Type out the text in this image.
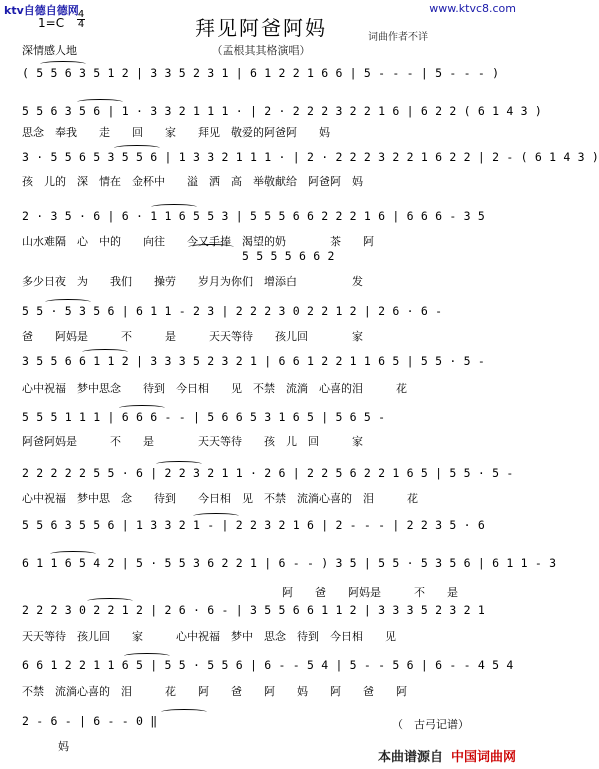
ktv自德自德网	www.ktvc8.com
1=C
4
4	拜见阿爸阿妈	词曲作者不详
深情感人地	（孟根其其格演唱）
( 5 5 6 3 5 1 2 | 3 3 5 2 3 1 | 6 1 2 2 1 6 6 | 5 - - - | 5 - - - )
5 5 6 3 5 6 | 1 · 3 3 2 1 1 1 · | 2 · 2 2 2 3 2 2 1 6 | 6 2 2 ( 6 1 4 3 )
思念　奉我　　走　　回　　家　　拜见　敬爱的阿爸阿　　妈
3 · 5 5 6 5 3 5 5 6 | 1 3 3 2 1 1 1 · | 2 · 2 2 2 3 2 2 1 6 2 2 | 2 - ( 6 1 4 3 )
孩　儿的　深　情在　金杯中　　溢　洒　高　举敬献给　阿爸阿　妈
2 · 3 5 · 6 | 6 · 1 1 6 5 5 3 | 5 5 5 6 6 2 2 2 1 6 | 6 6 6 - 3 5
山水难隔　心　中的　　向往　　今又手捧　渴望的奶　　　　茶　　阿
5 5 5 5 6 6 2
多少日夜　为　　我们　　操劳　　岁月为你们　增添白　　　　　发
5 5 · 5 3 5 6 | 6 1 1 - 2 3 | 2 2 2 3 0 2 2 1 2 | 2 6 · 6 -
爸　　阿妈是　　　不　　　是　　　天天等待　　孩儿回　　　　家
3 5 5 6 6 1 1 2 | 3 3 3 5 2 3 2 1 | 6 6 1 2 2 1 1 6 5 | 5 5 · 5 -
心中祝福　梦中思念　　待到　今日相　　见　不禁　流淌　心喜的泪　　　花
5 5 5 1 1 1 | 6 6 6 - - | 5 6 6 5 3 1 6 5 | 5 6 5 -
阿爸阿妈是　　　不　　是　　　　天天等待　　孩　儿　回　　　家
2 2 2 2 2 5 5 · 6 | 2 2 3 2 1 1 · 2 6 | 2 2 5 6 2 2 1 6 5 | 5 5 · 5 -
心中祝福　梦中思　念　　待到　　今日相　见　不禁　流淌心喜的　泪　　　花
5 5 6 3 5 5 6 | 1 3 3 2 1 - | 2 2 3 2 1 6 | 2 - - - | 2 2 3 5 · 6
6 1 1 6 5 4 2 | 5 · 5 5 3 6 2 2 1 | 6 - - ) 3 5 | 5 5 · 5 3 5 6 | 6 1 1 - 3
阿　　爸　　阿妈是　　　不　　是
2 2 2 3 0 2 2 1 2 | 2 6 · 6 - | 3 5 5 6 6 1 1 2 | 3 3 3 5 2 3 2 1
天天等待　孩儿回　　家　　　心中祝福　梦中　思念　待到　今日相　　见
6 6 1 2 2 1 1 6 5 | 5 5 · 5 5 6 | 6 - - 5 4 | 5 - - 5 6 | 6 - - 4 5 4
不禁　流淌心喜的　泪　　　花　　阿　　爸　　阿　　妈　　阿　　爸　　阿
2 - 6 - | 6 - - 0 ‖
妈
（　古弓记谱）
本曲谱源自 中国词曲网
